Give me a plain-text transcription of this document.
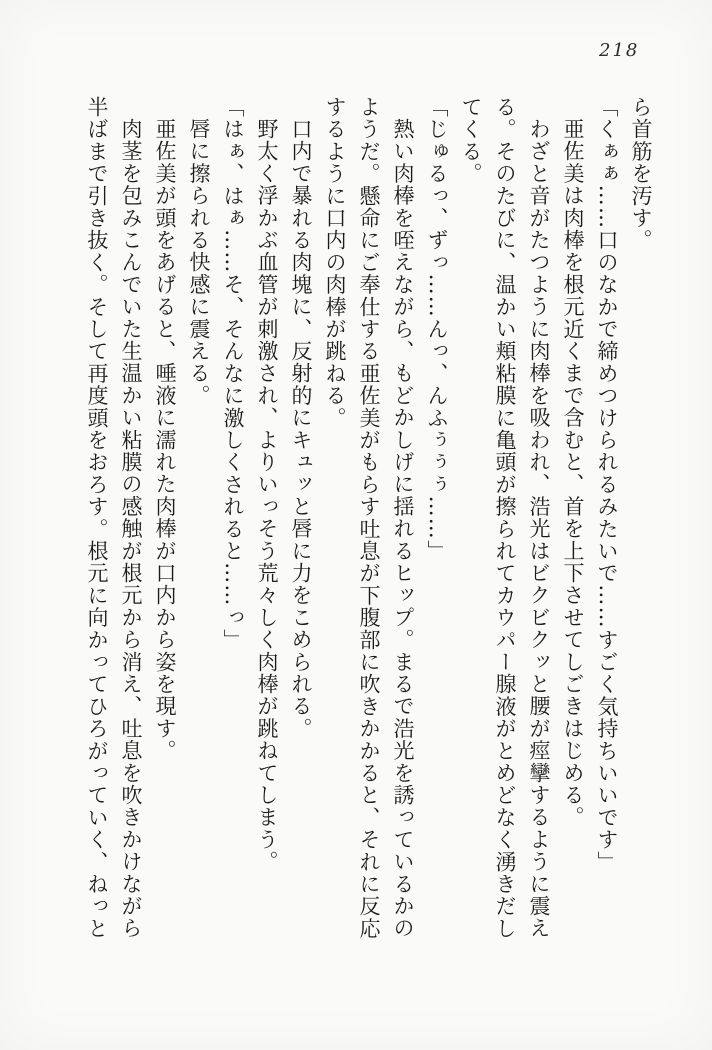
218

ら首筋を汚す。

「くぁぁ……口のなかで締めつけられるみたいで……すごく気持ちいいです」

亜佐美は肉棒を根元近くまで含むと、首を上下させてしごきはじめる。

わざと音がたつように肉棒を吸われ、浩光はビクビクッと腰が痙攣するように震える。そのたびに、温かい頬粘膜に亀頭が擦られてカウパー腺液がとめどなく湧きだしてくる。

「じゅるっ、ずっ……んっ、んふぅぅぅ……」

熱い肉棒を咥えながら、もどかしげに揺れるヒップ。まるで浩光を誘っているかのようだ。懸命にご奉仕する亜佐美がもらす吐息が下腹部に吹きかかると、それに反応するように口内の肉棒が跳ねる。

口内で暴れる肉塊に、反射的にキュッと唇に力をこめられる。

野太く浮かぶ血管が刺激され、よりいっそう荒々しく肉棒が跳ねてしまう。

「はぁ、はぁ……そ、そんなに激しくされると……っ」

唇に擦られる快感に震える。

亜佐美が頭をあげると、唾液に濡れた肉棒が口内から姿を現す。

肉茎を包みこんでいた生温かい粘膜の感触が根元から消え、吐息を吹きかけながら半ばまで引き抜く。そして再度頭をおろす。根元に向かってひろがっていく、ねっと
